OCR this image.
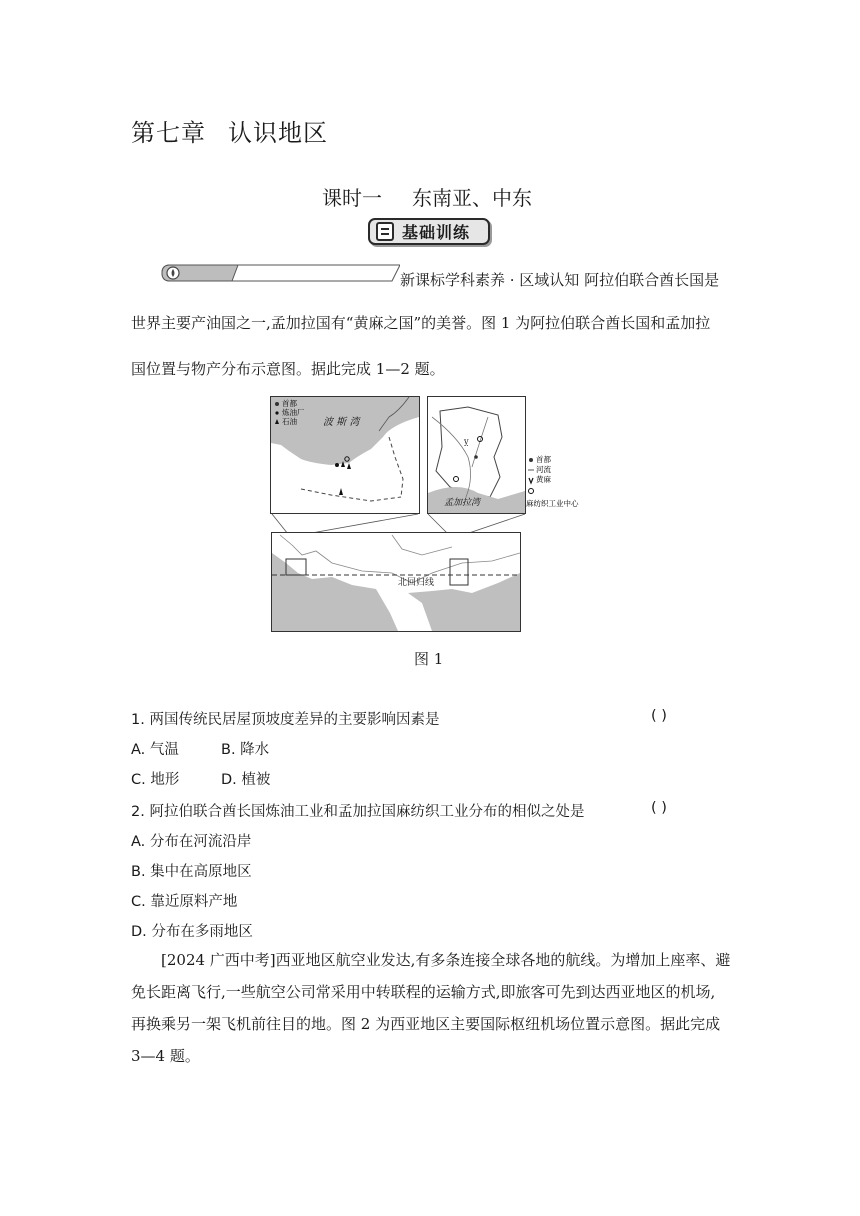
第七章 认识地区
课时一 东南亚、中东
基础训练
新课标学科素养 · 区域认知 阿拉伯联合酋长国是
世界主要产油国之一,孟加拉国有“黄麻之国”的美誉。图 1 为阿拉伯联合酋长国和孟加拉
国位置与物产分布示意图。据此完成 1—2 题。
波 斯 湾
首都
炼油厂
石油
ỵ
孟加拉湾
首都
河流
黄麻
麻纺织工业中心
北回归线
图 1
1. 两国传统民居屋顶坡度差异的主要影响因素是	( )
A. 气温	B. 降水
C. 地形	D. 植被
2. 阿拉伯联合酋长国炼油工业和孟加拉国麻纺织工业分布的相似之处是	( )
A. 分布在河流沿岸
B. 集中在高原地区
C. 靠近原料产地
D. 分布在多雨地区
[2024 广西中考]西亚地区航空业发达,有多条连接全球各地的航线。为增加上座率、避
免长距离飞行,一些航空公司常采用中转联程的运输方式,即旅客可先到达西亚地区的机场,
再换乘另一架飞机前往目的地。图 2 为西亚地区主要国际枢纽机场位置示意图。据此完成
3—4 题。
